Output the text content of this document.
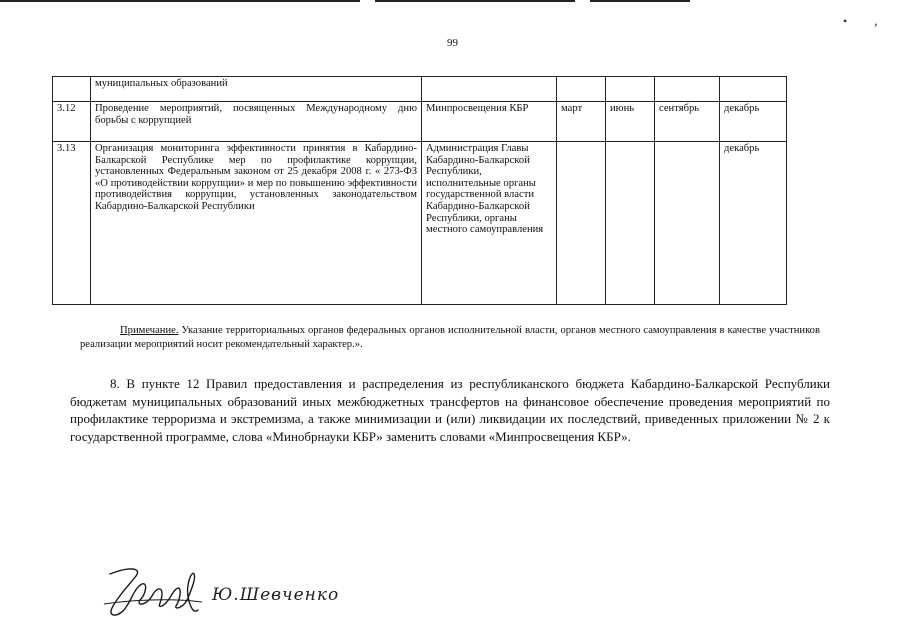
• ,
99
	муниципальных образований					
3.12	Проведение мероприятий, посвященных Международному дню борьбы с коррупцией	Минпросвещения КБР	март	июнь	сентябрь	декабрь
3.13	Организация мониторинга эффективности принятия в Кабардино-Балкарской Республике мер по профилактике коррупции, установленных Федеральным законом от 25 декабря 2008 г. « 273-ФЗ «О противодействии коррупции» и мер по повышению эффективности противодействия коррупции, установленных законодательством Кабардино-Балкарской Республики	Администрация Главы Кабардино-Балкарской Республики, исполнительные органы государственной власти Кабардино-Балкарской Республики, органы местного самоуправления				декабрь
Примечание. Указание территориальных органов федеральных органов исполнительной власти, органов местного самоуправления в качестве участников реализации мероприятий носит рекомендательный характер.».
8. В пункте 12 Правил предоставления и распределения из республиканского бюджета Кабардино-Балкарской Республики бюджетам муниципальных образований иных межбюджетных трансфертов на финансовое обеспечение проведения мероприятий по профилактике терроризма и экстремизма, а также минимизации и (или) ликвидации их последствий, приведенных приложении № 2 к государственной программе, слова «Минобрнауки КБР» заменить словами «Минпросвещения КБР».
Ю.Шевченко
